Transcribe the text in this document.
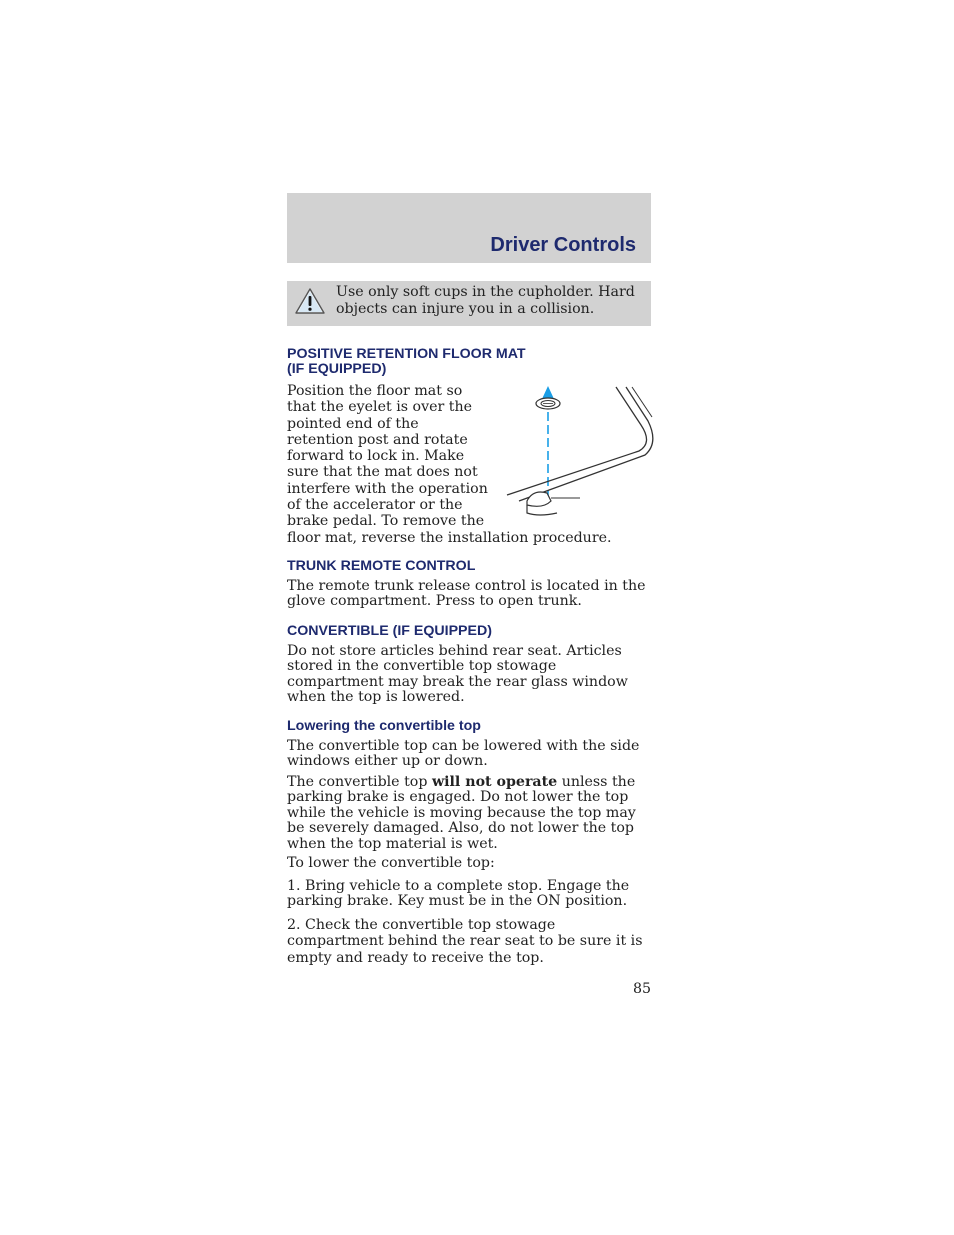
Driver Controls
Use only soft cups in the cupholder. Hard objects can injure you in a collision.
POSITIVE RETENTION FLOOR MAT
(IF EQUIPPED)

Position the floor mat so

that the eyelet is over the

pointed end of the

retention post and rotate

forward to lock in. Make

sure that the mat does not

interfere with the operation

of the accelerator or the

brake pedal. To remove the

floor mat, reverse the installation procedure.

TRUNK REMOTE CONTROL

The remote trunk release control is located in the glove compartment. Press to open trunk.

CONVERTIBLE (IF EQUIPPED)

Do not store articles behind rear seat. Articles stored in the convertible top stowage compartment may break the rear glass window when the top is lowered.

Lowering the convertible top

The convertible top can be lowered with the side windows either up or down.

The convertible top will not operate unless the parking brake is engaged. Do not lower the top while the vehicle is moving because the top may be severely damaged. Also, do not lower the top when the top material is wet.

To lower the convertible top:

1. Bring vehicle to a complete stop. Engage the parking brake. Key must be in the ON position.

2. Check the convertible top stowage compartment behind the rear seat to be sure it is empty and ready to receive the top.

85
